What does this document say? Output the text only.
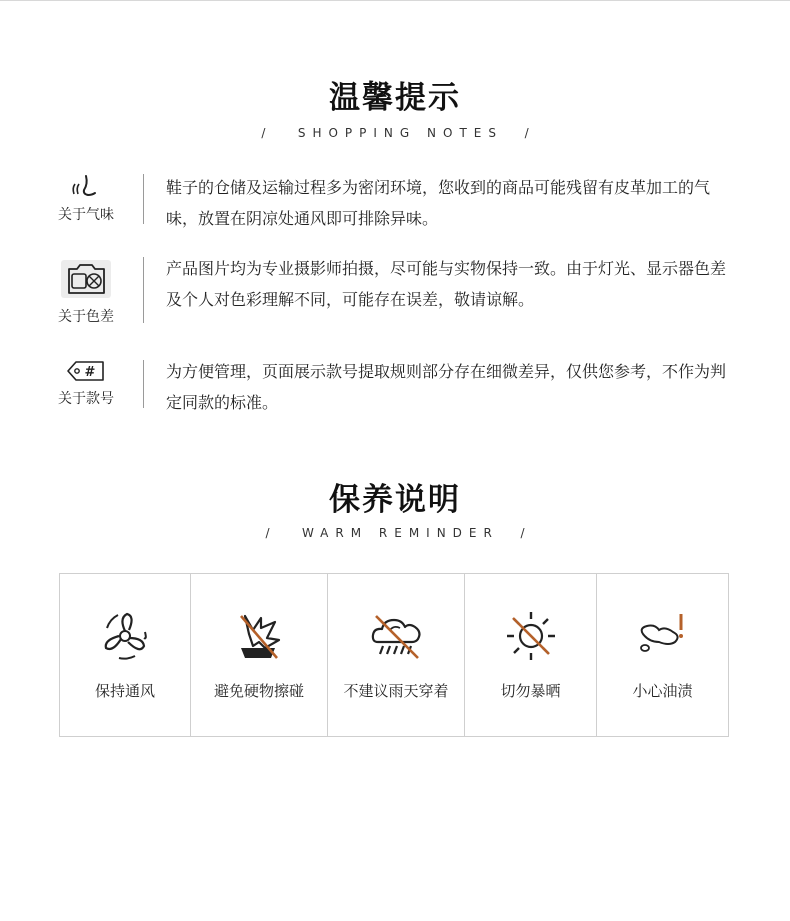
温馨提示
/	SHOPPING NOTES /
关于气味
鞋子的仓储及运输过程多为密闭环境，您收到的商品可能残留有皮革加工的气味，放置在阴凉处通风即可排除异味。
关于色差
产品图片均为专业摄影师拍摄，尽可能与实物保持一致。由于灯光、显示器色差及个人对色彩理解不同，可能存在误差，敬请谅解。
#
关于款号
为方便管理，页面展示款号提取规则部分存在细微差异，仅供您参考，不作为判定同款的标准。
保养说明
/	WARM REMINDER /
保持通风	避免硬物擦碰	不建议雨天穿着	切勿暴晒	小心油渍
